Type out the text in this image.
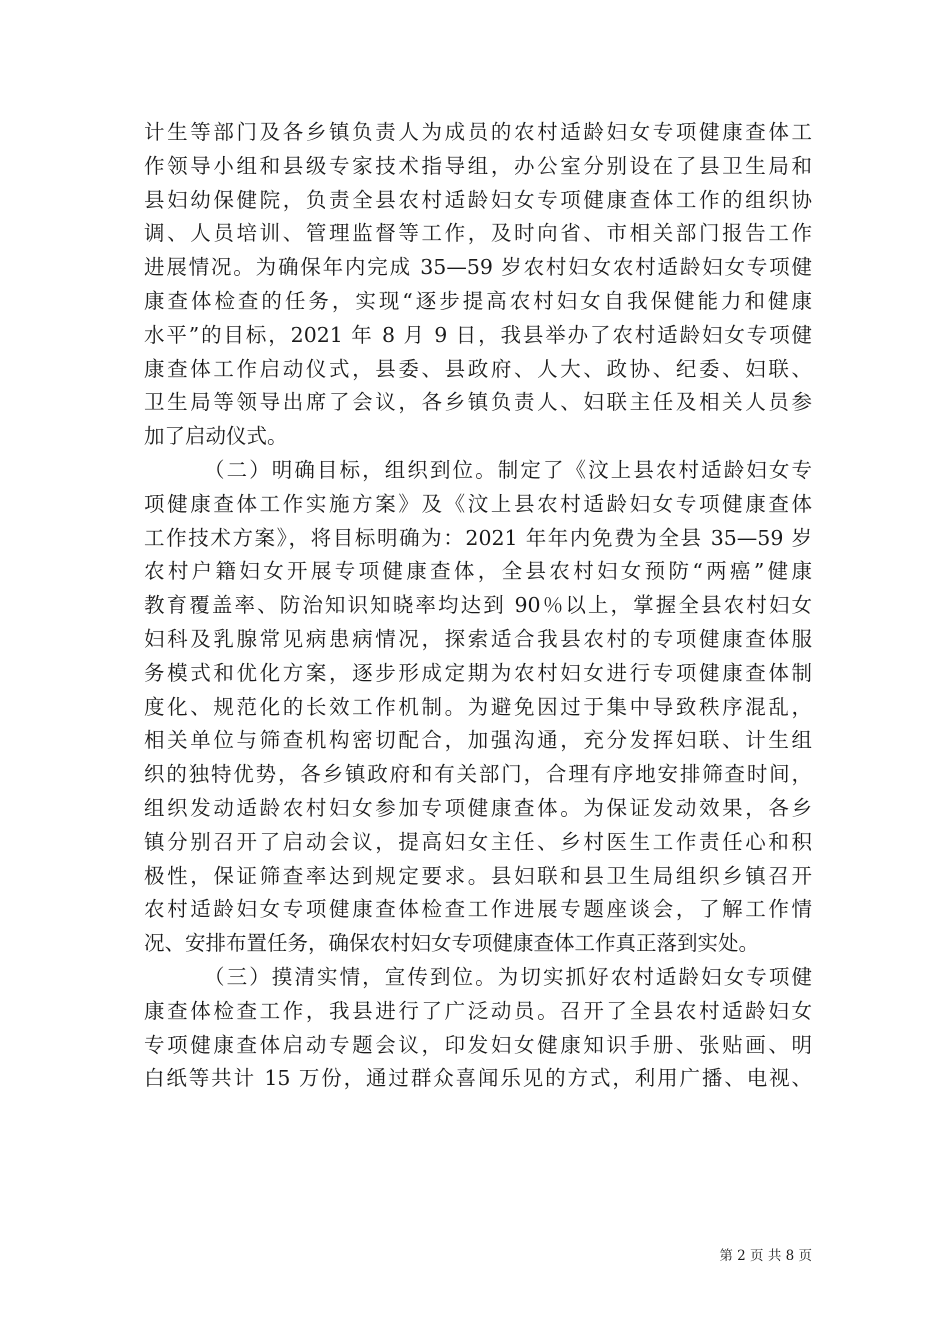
计生等部门及各乡镇负责人为成员的农村适龄妇女专项健康查体工
作领导小组和县级专家技术指导组，办公室分别设在了县卫生局和
县妇幼保健院，负责全县农村适龄妇女专项健康查体工作的组织协
调、人员培训、管理监督等工作，及时向省、市相关部门报告工作
进展情况。为确保年内完成 35—59 岁农村妇女农村适龄妇女专项健
康查体检查的任务，实现“逐步提高农村妇女自我保健能力和健康
水平”的目标，2021 年 8 月 9 日，我县举办了农村适龄妇女专项健
康查体工作启动仪式，县委、县政府、人大、政协、纪委、妇联、
卫生局等领导出席了会议，各乡镇负责人、妇联主任及相关人员参
加了启动仪式。
（二）明确目标，组织到位。制定了《汶上县农村适龄妇女专
项健康查体工作实施方案》及《汶上县农村适龄妇女专项健康查体
工作技术方案》，将目标明确为：2021 年年内免费为全县 35—59 岁
农村户籍妇女开展专项健康查体，全县农村妇女预防“两癌”健康
教育覆盖率、防治知识知晓率均达到 90％以上，掌握全县农村妇女
妇科及乳腺常见病患病情况，探索适合我县农村的专项健康查体服
务模式和优化方案，逐步形成定期为农村妇女进行专项健康查体制
度化、规范化的长效工作机制。为避免因过于集中导致秩序混乱，
相关单位与筛查机构密切配合，加强沟通，充分发挥妇联、计生组
织的独特优势，各乡镇政府和有关部门，合理有序地安排筛查时间，
组织发动适龄农村妇女参加专项健康查体。为保证发动效果，各乡
镇分别召开了启动会议，提高妇女主任、乡村医生工作责任心和积
极性，保证筛查率达到规定要求。县妇联和县卫生局组织乡镇召开
农村适龄妇女专项健康查体检查工作进展专题座谈会，了解工作情
况、安排布置任务，确保农村妇女专项健康查体工作真正落到实处。
（三）摸清实情，宣传到位。为切实抓好农村适龄妇女专项健
康查体检查工作，我县进行了广泛动员。召开了全县农村适龄妇女
专项健康查体启动专题会议，印发妇女健康知识手册、张贴画、明
白纸等共计 15 万份，通过群众喜闻乐见的方式，利用广播、电视、
第 2 页 共 8 页
